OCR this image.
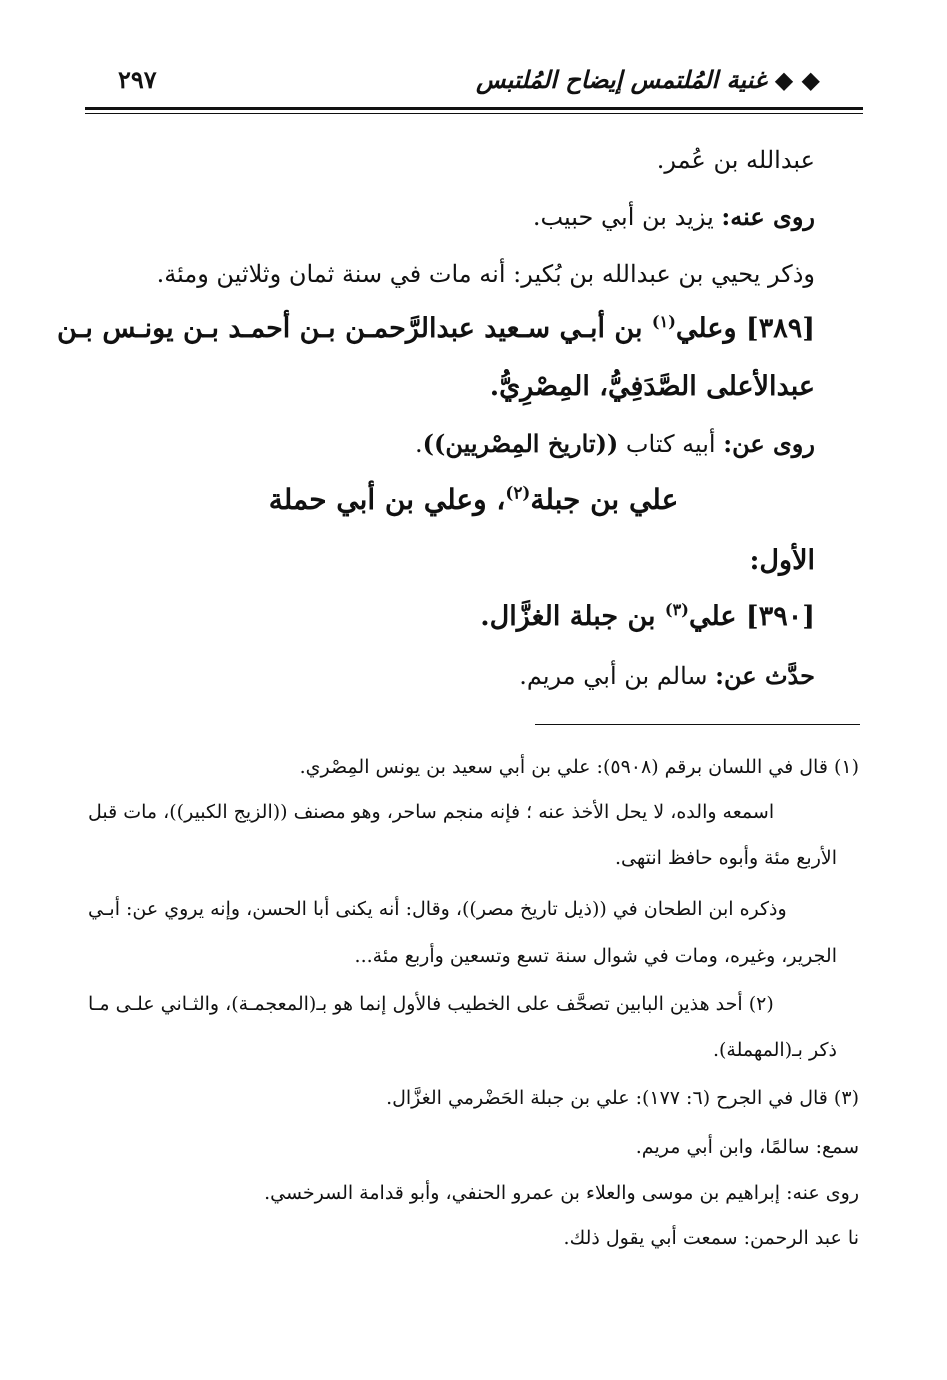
◆ ◆ غنية المُلتمس إيضاح المُلتبس
٢٩٧
عبدالله بن عُمر.
روى عنه: يزيد بن أبي حبيب.
وذكر يحيي بن عبدالله بن بُكير: أنه مات في سنة ثمان وثلاثين ومئة.
[٣٨٩] وعلي$^{(١)}$ بن أبـي سـعيد عبدالرَّحمـن بـن أحمـد بـن يونـس بـن
عبدالأعلى الصَّدَفِيُّ، المِصْرِيُّ.
روى عن: أبيه كتاب ((تاريخ المِصْريين)).
علي بن جبلة$^{(٢)}$، وعلي بن أبي حملة
الأول:
[٣٩٠] علي$^{(٣)}$ بن جبلة الغزَّال.
حدَّث عن: سالم بن أبي مريم.
(١) قال في اللسان برقم (٥٩٠٨): علي بن أبي سعيد بن يونس المِصْري.
اسمعه والده، لا يحل الأخذ عنه ؛ فإنه منجم ساحر، وهو مصنف ((الزيج الكبير))، مات قبل
الأربع مئة وأبوه حافظ انتهى.
وذكره ابن الطحان في ((ذيل تاريخ مصر))، وقال: أنه يكنى أبا الحسن، وإنه يروي عن: أبـي
الجرير، وغيره، ومات في شوال سنة تسع وتسعين وأربع مئة...
(٢) أحد هذين البابين تصحَّف على الخطيب فالأول إنما هو بـ(المعجمـة)، والثـاني علـى مـا
ذكر بـ(المهملة).
(٣) قال في الجرح (٦: ١٧٧): علي بن جبلة الحَضْرمي الغزَّال.
سمع: سالمًا، وابن أبي مريم.
روى عنه: إبراهيم بن موسى والعلاء بن عمرو الحنفي، وأبو قدامة السرخسي.
نا عبد الرحمن: سمعت أبي يقول ذلك.
